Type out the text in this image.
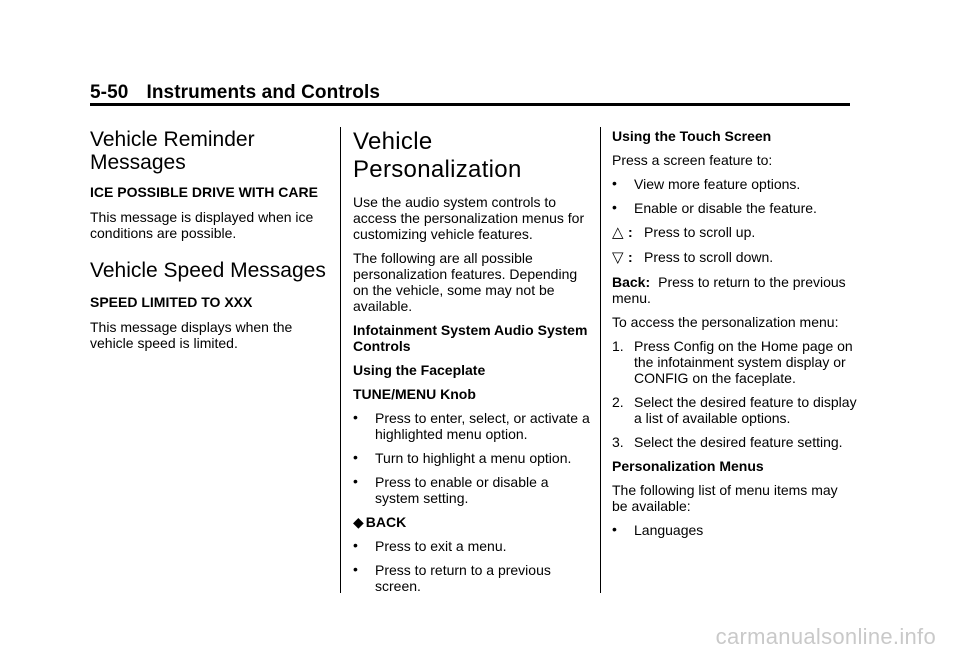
5-50 Instruments and Controls
Vehicle Reminder Messages
ICE POSSIBLE DRIVE WITH CARE

This message is displayed when ice conditions are possible.

Vehicle Speed Messages
SPEED LIMITED TO XXX

This message displays when the vehicle speed is limited.

Vehicle Personalization

Use the audio system controls to access the personalization menus for customizing vehicle features.

The following are all possible personalization features. Depending on the vehicle, some may not be available.

Infotainment System Audio System Controls

Using the Faceplate

TUNE/MENU Knob

• Press to enter, select, or activate a highlighted menu option.
• Turn to highlight a menu option.
• Press to enable or disable a system setting.
◆ BACK
• Press to exit a menu.
• Press to return to a previous screen.

Using the Touch Screen

Press a screen feature to:

• View more feature options.
• Enable or disable the feature.
△ : Press to scroll up.
▽ : Press to scroll down.

Back: Press to return to the previous menu.

To access the personalization menu:

1. Press Config on the Home page on the infotainment system display or CONFIG on the faceplate.
2. Select the desired feature to display a list of available options.
3. Select the desired feature setting.

Personalization Menus

The following list of menu items may be available:

• Languages
carmanualsonline.info
